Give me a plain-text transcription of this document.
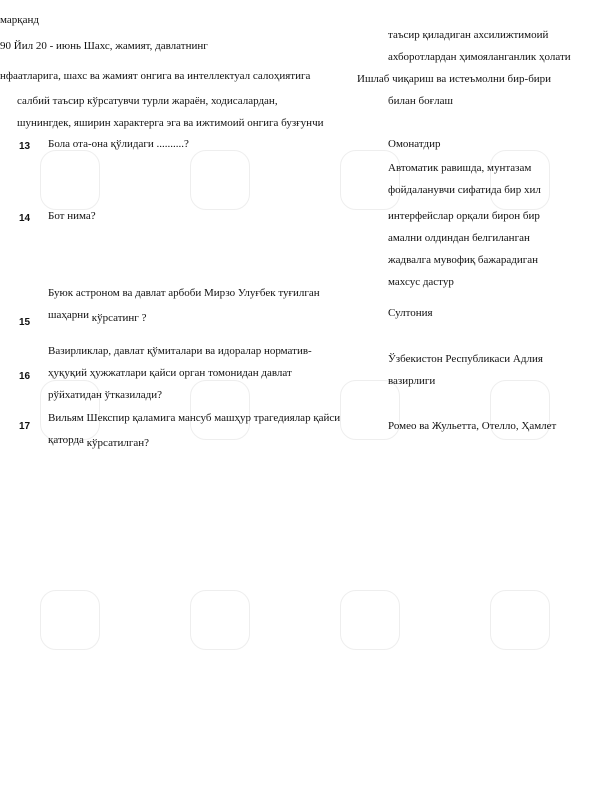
марқанд
90 Йил 20 - июнь Шахс, жамият, давлатнинг
нфаатларига, шахс ва жамият онгига ва интеллектуал салоҳиятига
салбий таъсир кўрсатувчи турли жараён, ходисалардан,
шунингдек, яширин характерга эга ва ижтимоий онгига бузғунчи
таъсир қиладиган ахсилижтимоий
ахборотлардан ҳимояланганлик ҳолати
Ишлаб чиқариш ва истеъмолни бир-бири
билан боғлаш
13 Бола ота-она қўлидаги ..........?	Омонатдир
14 Бот нима?
Автоматик равишда, мунтазам
фойдаланувчи сифатида бир хил
интерфейслар орқали бирон бир
амални олдиндан белгиланган
жадвалга мувофиқ бажарадиган
махсус дастур
15
Буюк астроном ва давлат арбоби Мирзо Улуғбек туғилган
шаҳарни кўрсатинг ?	Султония
16
Вазирликлар, давлат қўмиталари ва идоралар норматив-
ҳуқуқий ҳужжатлари қайси орган томонидан давлат
рўйхатидан ўтказилади?
Ўзбекистон Республикаси Адлия
вазирлиги
17
Вильям Шекспир қаламига мансуб машҳур трагедиялар қайси
қаторда кўрсатилган?
Ромео ва Жульетта, Отелло, Ҳамлет
